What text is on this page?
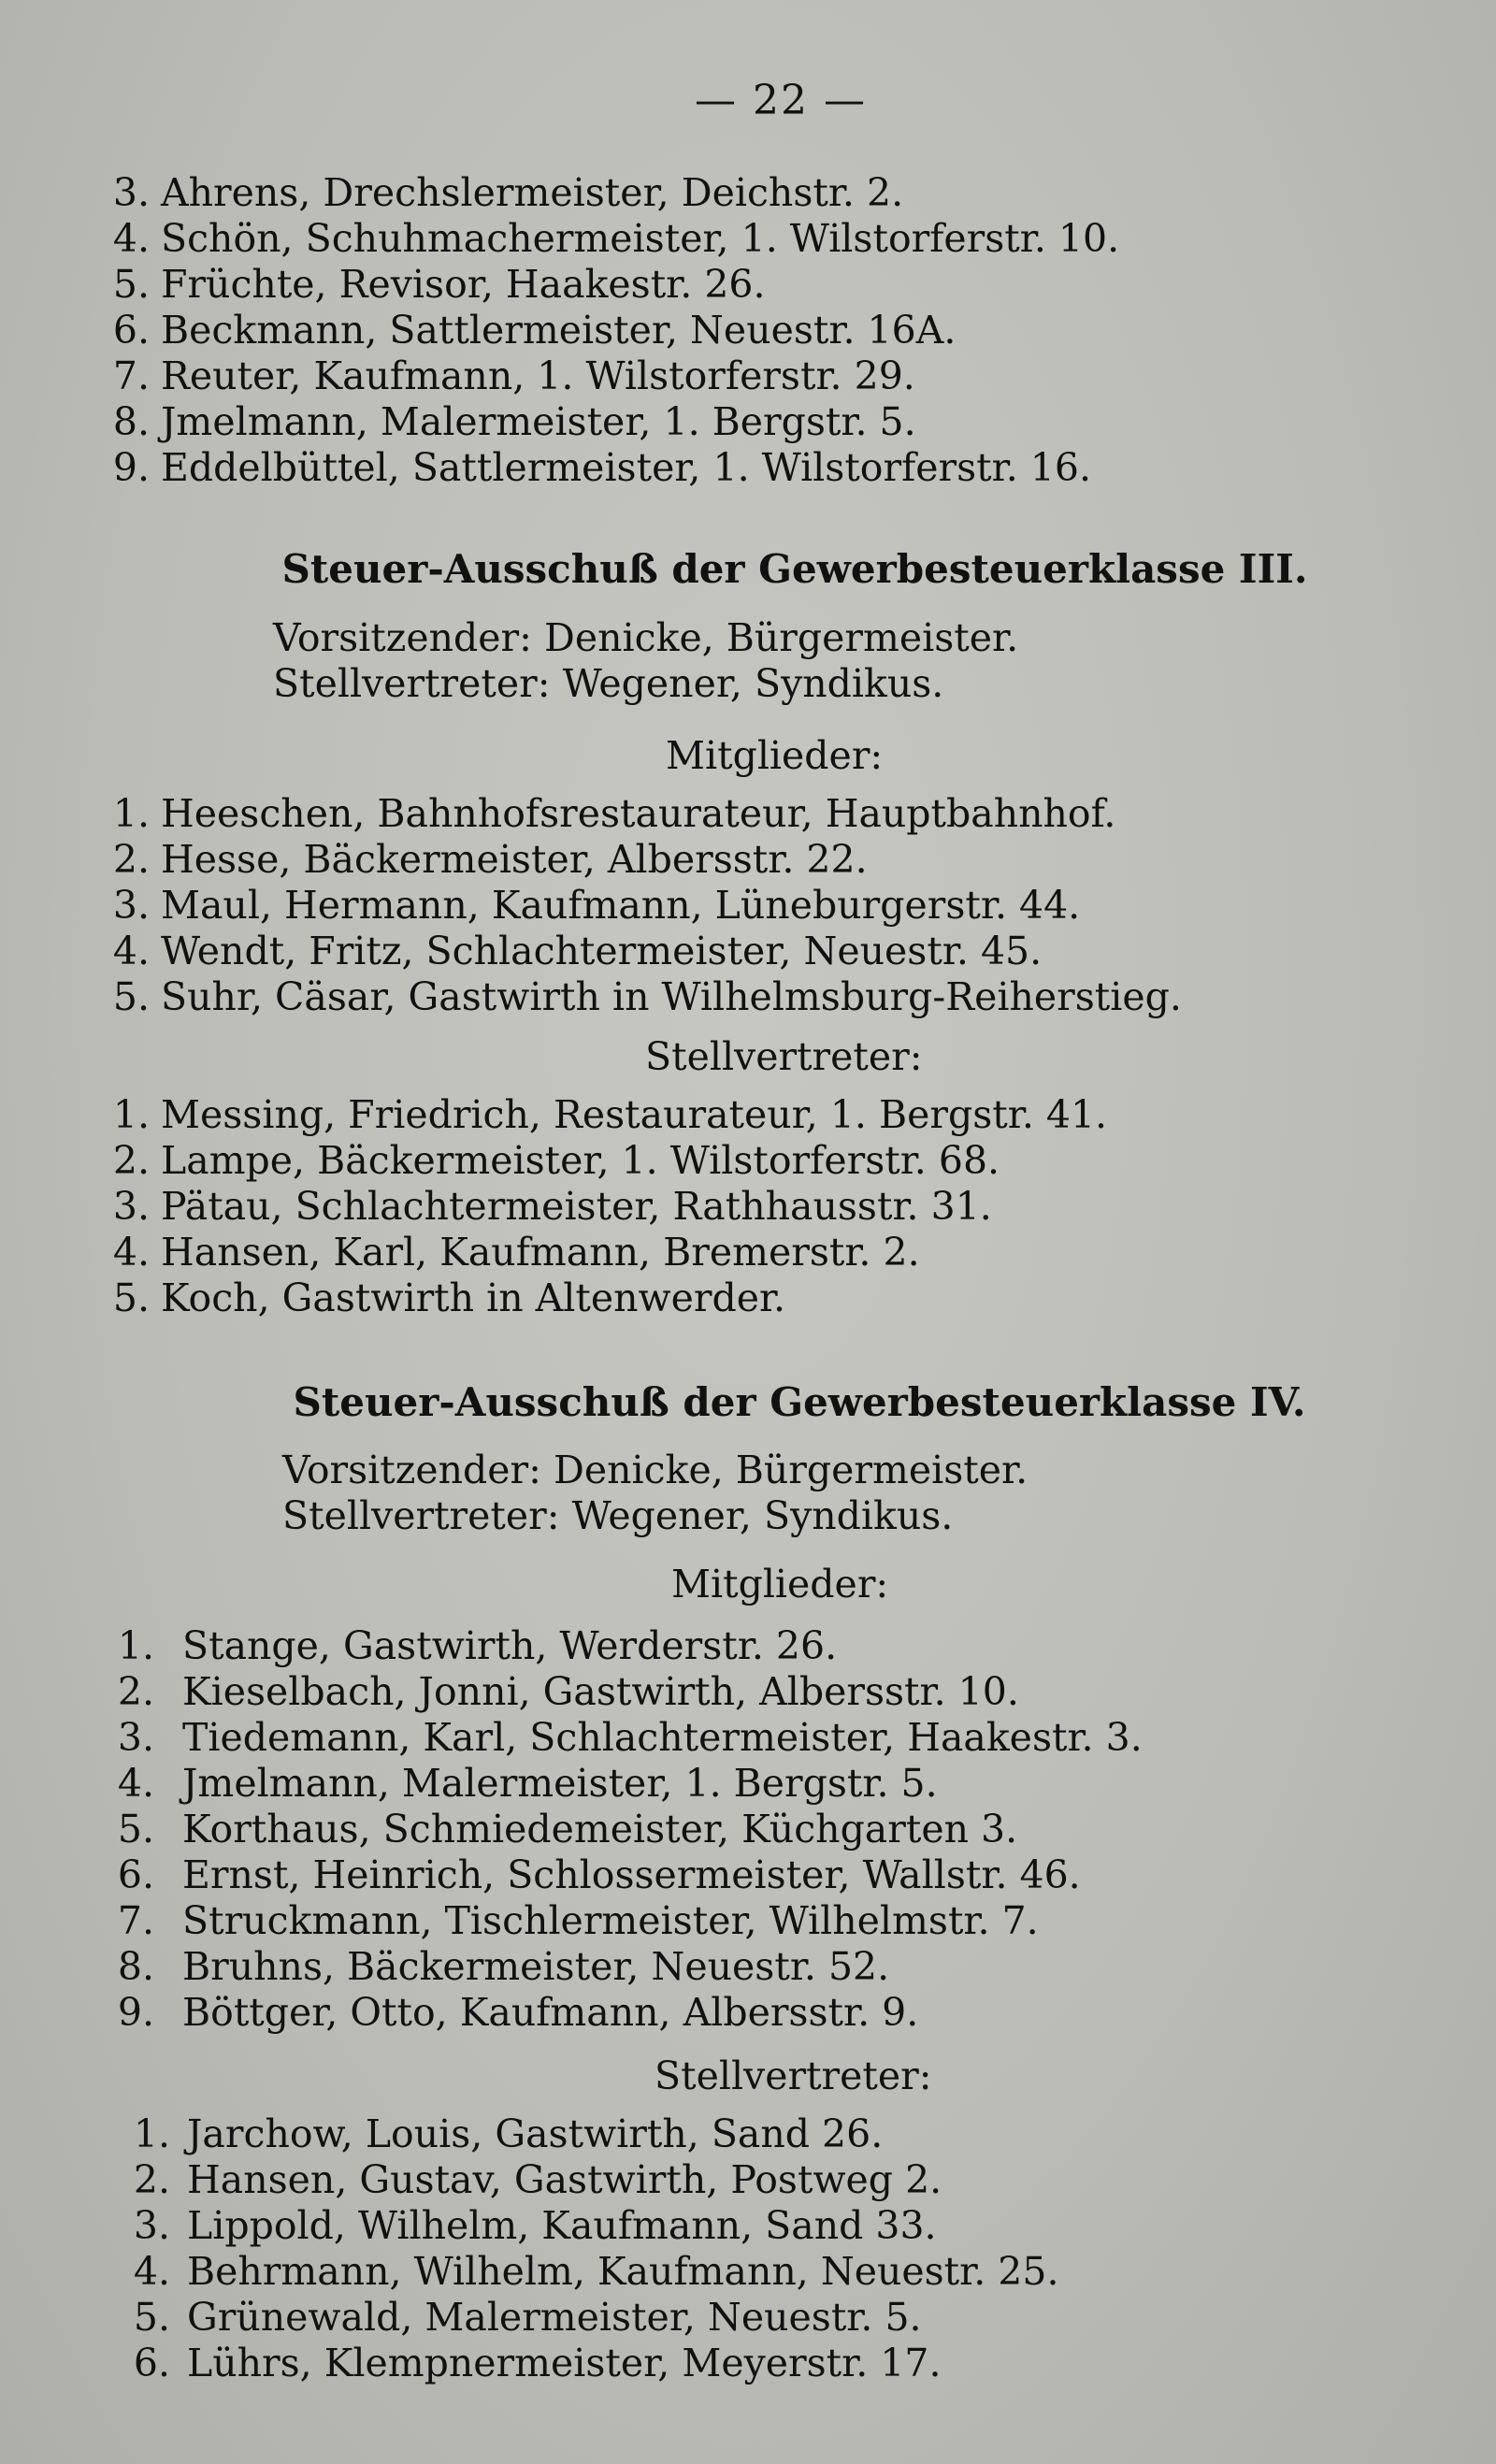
— 22 —
3. Ahrens, Drechslermeister, Deichstr. 2.
4. Schön, Schuhmachermeister, 1. Wilstorferstr. 10.
5. Früchte, Revisor, Haakestr. 26.
6. Beckmann, Sattlermeister, Neuestr. 16A.
7. Reuter, Kaufmann, 1. Wilstorferstr. 29.
8. Jmelmann, Malermeister, 1. Bergstr. 5.
9. Eddelbüttel, Sattlermeister, 1. Wilstorferstr. 16.
Steuer-Ausschuß der Gewerbesteuerklasse III.
Vorsitzender: Denicke, Bürgermeister.
Stellvertreter: Wegener, Syndikus.
Mitglieder:
1. Heeschen, Bahnhofsrestaurateur, Hauptbahnhof.
2. Hesse, Bäckermeister, Albersstr. 22.
3. Maul, Hermann, Kaufmann, Lüneburgerstr. 44.
4. Wendt, Fritz, Schlachtermeister, Neuestr. 45.
5. Suhr, Cäsar, Gastwirth in Wilhelmsburg-Reiherstieg.
Stellvertreter:
1. Messing, Friedrich, Restaurateur, 1. Bergstr. 41.
2. Lampe, Bäckermeister, 1. Wilstorferstr. 68.
3. Pätau, Schlachtermeister, Rathhausstr. 31.
4. Hansen, Karl, Kaufmann, Bremerstr. 2.
5. Koch, Gastwirth in Altenwerder.
Steuer-Ausschuß der Gewerbesteuerklasse IV.
Vorsitzender: Denicke, Bürgermeister.
Stellvertreter: Wegener, Syndikus.
Mitglieder:
1. Stange, Gastwirth, Werderstr. 26.
2. Kieselbach, Jonni, Gastwirth, Albersstr. 10.
3. Tiedemann, Karl, Schlachtermeister, Haakestr. 3.
4. Jmelmann, Malermeister, 1. Bergstr. 5.
5. Korthaus, Schmiedemeister, Küchgarten 3.
6. Ernst, Heinrich, Schlossermeister, Wallstr. 46.
7. Struckmann, Tischlermeister, Wilhelmstr. 7.
8. Bruhns, Bäckermeister, Neuestr. 52.
9. Böttger, Otto, Kaufmann, Albersstr. 9.
Stellvertreter:
1. Jarchow, Louis, Gastwirth, Sand 26.
2. Hansen, Gustav, Gastwirth, Postweg 2.
3. Lippold, Wilhelm, Kaufmann, Sand 33.
4. Behrmann, Wilhelm, Kaufmann, Neuestr. 25.
5. Grünewald, Malermeister, Neuestr. 5.
6. Lührs, Klempnermeister, Meyerstr. 17.
